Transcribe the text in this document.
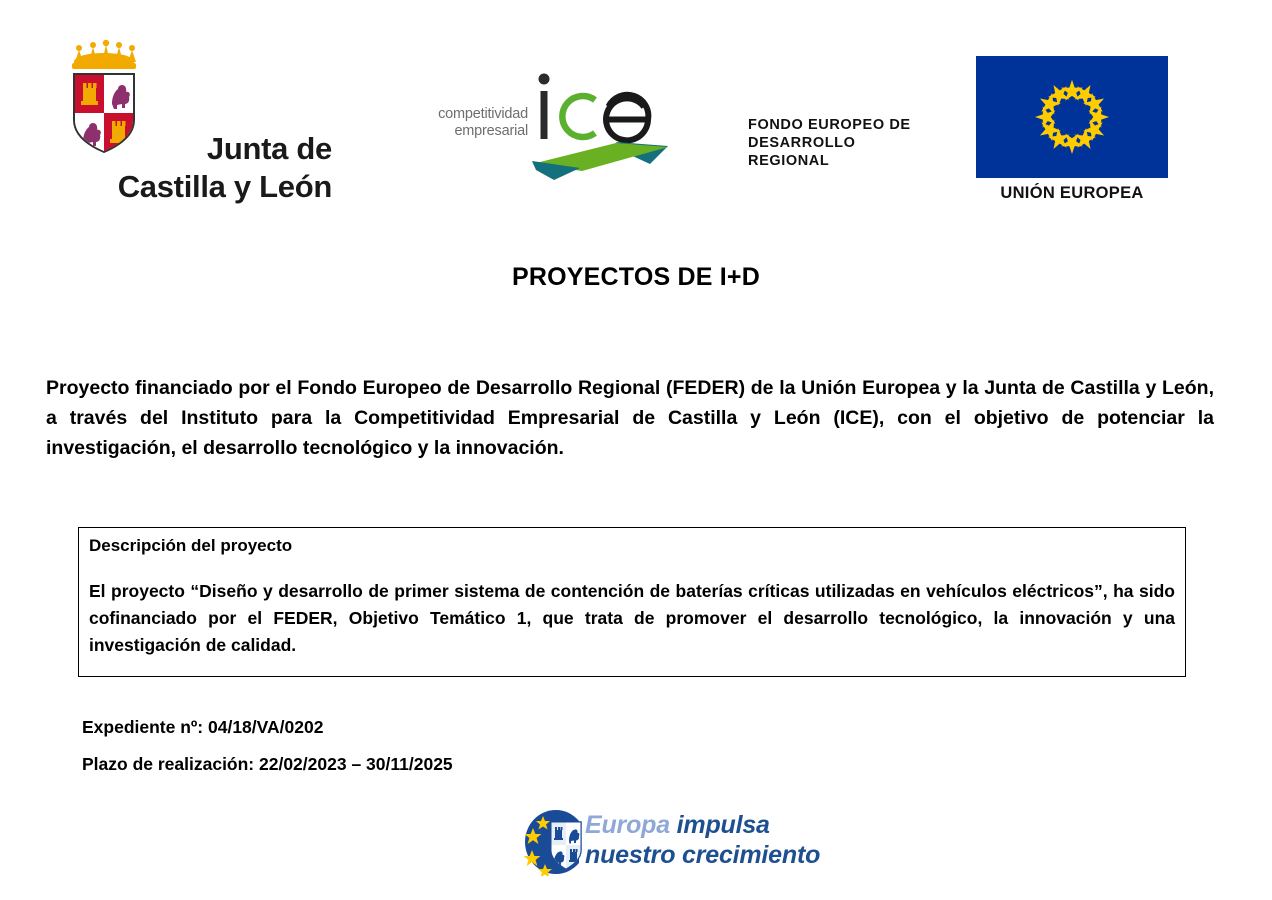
Junta de
Castilla y León
competitividad
empresarial	FONDO EUROPEO DE
DESARROLLO
REGIONAL
UNIÓN EUROPEA
PROYECTOS DE I+D
Proyecto financiado por el Fondo Europeo de Desarrollo Regional (FEDER) de la Unión Europea y la Junta de Castilla y León, a través del Instituto para la Competitividad Empresarial de Castilla y León (ICE), con el objetivo de potenciar la investigación, el desarrollo tecnológico y la innovación.
Descripción del proyecto
El proyecto “Diseño y desarrollo de primer sistema de contención de baterías críticas utilizadas en vehículos eléctricos”, ha sido cofinanciado por el FEDER, Objetivo Temático 1, que trata de promover el desarrollo tecnológico, la innovación y una investigación de calidad.
Expediente nº: 04/18/VA/0202
Plazo de realización: 22/02/2023 – 30/11/2025
Europa impulsa
nuestro crecimiento
